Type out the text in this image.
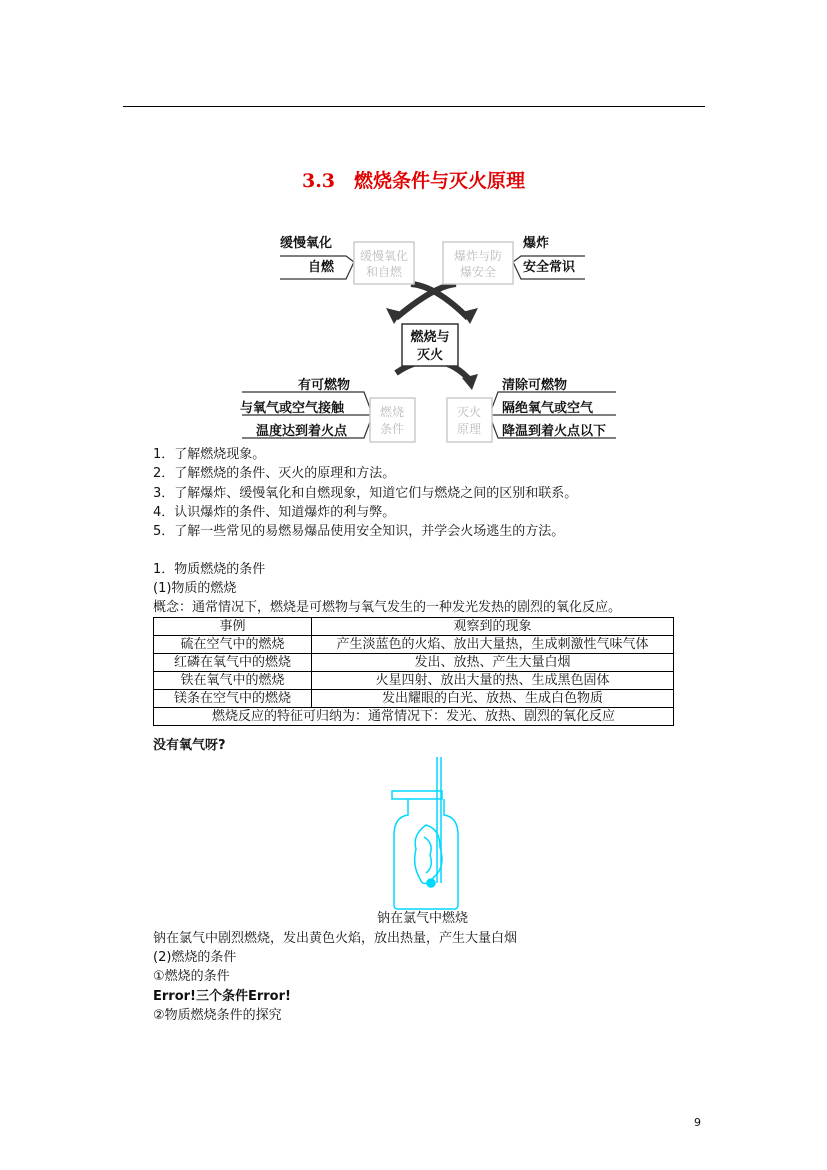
3.3　燃烧条件与灭火原理
缓慢氧化
和自燃
爆炸与防
爆安全
燃烧
条件
灭火
原理
燃烧与
灭火
缓慢氧化
自燃
爆炸
安全常识
有可燃物
与氧气或空气接触
温度达到着火点
清除可燃物
隔绝氧气或空气
降温到着火点以下
1．了解燃烧现象。
2．了解燃烧的条件、灭火的原理和方法。
3．了解爆炸、缓慢氧化和自燃现象，知道它们与燃烧之间的区别和联系。
4．认识爆炸的条件、知道爆炸的利与弊。
5．了解一些常见的易燃易爆品使用安全知识，并学会火场逃生的方法。
1．物质燃烧的条件
(1)物质的燃烧
概念：通常情况下，燃烧是可燃物与氧气发生的一种发光发热的剧烈的氧化反应。
事例	观察到的现象
硫在空气中的燃烧	产生淡蓝色的火焰、放出大量热，生成刺激性气味气体
红磷在氧气中的燃烧	发出、放热、产生大量白烟
铁在氧气中的燃烧	火星四射、放出大量的热、生成黑色固体
镁条在空气中的燃烧	发出耀眼的白光、放热、生成白色物质
燃烧反应的特征可归纳为：通常情况下：发光、放热、剧烈的氧化反应	
没有氧气呀?
钠在氯气中燃烧
钠在氯气中剧烈燃烧，发出黄色火焰，放出热量，产生大量白烟
(2)燃烧的条件
①燃烧的条件
Error!三个条件Error!
②物质燃烧条件的探究
9
